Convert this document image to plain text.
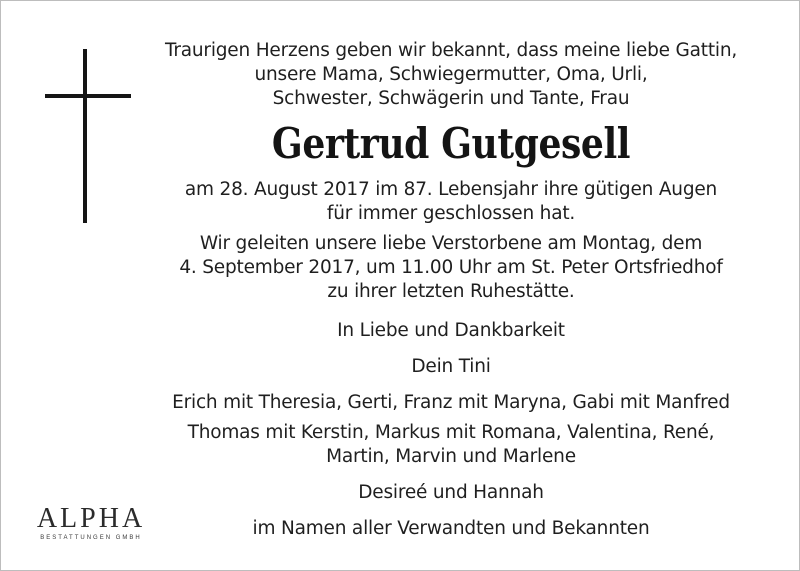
Traurigen Herzens geben wir bekannt, dass meine liebe Gattin,

unsere Mama, Schwiegermutter, Oma, Urli,

Schwester, Schwägerin und Tante, Frau

Gertrud Gutgesell

am 28. August 2017 im 87. Lebensjahr ihre gütigen Augen

für immer geschlossen hat.

Wir geleiten unsere liebe Verstorbene am Montag, dem

4. September 2017, um 11.00 Uhr am St. Peter Ortsfriedhof

zu ihrer letzten Ruhestätte.

In Liebe und Dankbarkeit

Dein Tini

Erich mit Theresia, Gerti, Franz mit Maryna, Gabi mit Manfred

Thomas mit Kerstin, Markus mit Romana, Valentina, René,

Martin, Marvin und Marlene

Desireé und Hannah

im Namen aller Verwandten und Bekannten

ALPHA
BESTATTUNGEN GMBH
